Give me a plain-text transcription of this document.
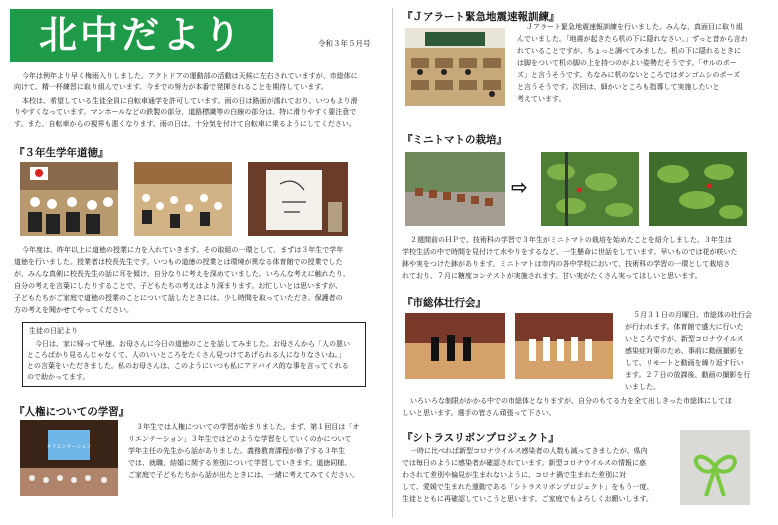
北中だより	令和３年５月号
今年は例年より早く梅雨入りしました。アクトドアの運動部の活動は天候に左右されていますが、市総体に
向けて、精一杯練習に取り組んでいます。今までの努力が本番で発揮されることを期待しています。
本校は、希望している生徒全員に自転車通学を許可しています。雨の日は路面が濡れており、いつもより滑
りやすくなっています。マンホールなどの鉄製の部分、道路標識等の白線の部分は、特に滑りやすく要注意で
す。また、自転車からの視界も悪くなります。雨の日は、十分気を付けて自転車に乗るようにしてください。
『３年生学年道徳』
今年度は、昨年以上に道徳の授業に力を入れていきます。その取組の一環として、まずは３年生で学年
道徳を行いました。授業者は校長先生です。いつもの道徳の授業とは環境が異なる体育館での授業でした
が、みんな真剣に校長先生の話に耳を傾け、自分なりに考えを深めていました。いろんな考えに触れたり、
自分の考えを言葉にしたりすることで、子どもたちの考えはより深まります。お忙しいとは思いますが、
子どもたちがご家庭で道徳の授業のことについて話したときには、少し時間を取っていただき、保護者の
方の考えを聞かせてやってください。
生徒の日記より
今日は、家に帰って早速、お母さんに今日の道徳のことを話してみました。お母さんから「人の悪い
ところばかり見るんじゃなくて、人のいいところをたくさん見つけてあげられる人になりなさいね。」
との言葉をいただきました。私のお母さんは、このようにいつも私にアドバイス的な事を言ってくれる
ので助かってます。
『人権についての学習』
オリエンテーション
３年生では人権についての学習が始まりました。まず、第１回目は「オ
リエンテーション」３年生ではどのような学習をしていくのかについて
学年主任の先生から話がありました。義務教育課程が修了する３年生
では、就職、結婚に関する差別について学習していきます。道徳同様、
ご家庭で子どもたちから話が出たときには、一緒に考えてみてください。
『Ｊアラート緊急地震速報訓練』
Ｊアラート緊急地震速報訓練を行いました。みんな、真面目に取り組
んでいました。「地震が起きたら机の下に隠れなさい。」ずっと昔から言わ
れていることですが、ちょっと調べてみました。机の下に隠れるときに
は脚をついて机の脚の上を持つのがよい姿勢だそうです。「サルのポー
ズ」と言うそうです。ちなみに机のないところではダンゴムシのポーズ
と言うそうです。次回は、細かいところも指導して実施したいと
考えています。
『ミニトマトの栽培』
⇨
２週間前のＨＰで、技術科の学習で３年生がミニトマトの栽培を始めたことを紹介しました。３年生は
学校生活の中で時間を見付けて水やりをするなど、一生懸命に世話をしています。早いものでは花が咲いた
鉢や実をつけた鉢があります。ミニトマトは市内の各中学校において、技術科の学習の一環として栽培さ
れており、７月に糖度コンテストが実施されます。甘い実がたくさん実ってほしいと思います。
『市総体壮行会』
５月３１日の月曜日、市総体の壮行会
が行われます。体育館で盛大に行いた
いところですが、新型コロナウイルス
感染症対策のため、事前に動画撮影を
して、リモートと動画を繰り返す行い
ます。２７日の放課後、動画の撮影を行
いました。
いろいろな制限がかかる中での市総体となりますが、自分のもてる力を全て出しきった市総体にしてほ
しいと思います。選手の皆さん頑張って下さい。
『シトラスリボンプロジェクト』
一時に比べれば新型コロナウイルス感染者の人数も減ってきましたが、県内
では毎日のように感染者が確認されています。新型コロナウイルスの情報に惑
わされて差別や偏見が生まれないように、コロナ禍で生まれた差別に対
して、愛媛で生まれた運動である「シトラスリボンプロジェクト」をもう一度、
生徒とともに再確認していこうと思います。ご家庭でもよろしくお願いします。
